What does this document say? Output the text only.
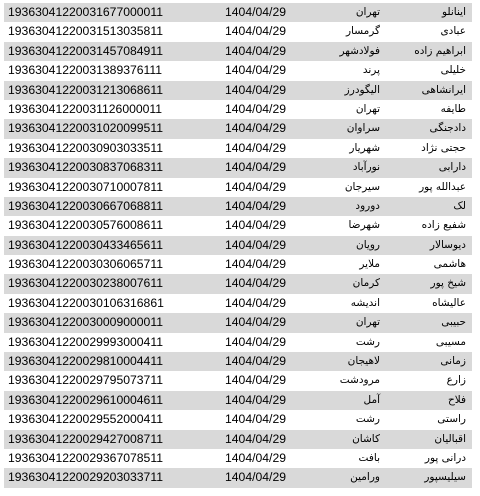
19363041220031677000011	1404/04/29	تهران	اینانلو
19363041220031513035811	1404/04/29	گرمسار	عبادی
19363041220031457084911	1404/04/29	فولادشهر	ابراهیم زاده
19363041220031389376111	1404/04/29	پرند	خلیلی
19363041220031213068611	1404/04/29	الیگودرز	ایرانشاهی
19363041220031126000011	1404/04/29	تهران	طایفه
19363041220031020099511	1404/04/29	سراوان	دادجنگی
19363041220030903033511	1404/04/29	شهریار	حجتی نژاد
19363041220030837068311	1404/04/29	نورآباد	دارابی
19363041220030710007811	1404/04/29	سیرجان	عبدالله پور
19363041220030667068811	1404/04/29	دورود	لک
19363041220030576008611	1404/04/29	شهرضا	شفیع زاده
19363041220030433465611	1404/04/29	رویان	دیوسالار
19363041220030306065711	1404/04/29	ملایر	هاشمی
19363041220030238007611	1404/04/29	کرمان	شیخ پور
19363041220030106316861	1404/04/29	اندیشه	عالیشاه
19363041220030009000011	1404/04/29	تهران	حبیبی
19363041220029993000411	1404/04/29	رشت	مسیبی
19363041220029810004411	1404/04/29	لاهیجان	زمانی
19363041220029795073711	1404/04/29	مرودشت	زارع
19363041220029610004611	1404/04/29	آمل	فلاح
19363041220029552000411	1404/04/29	رشت	راستی
19363041220029427008711	1404/04/29	کاشان	اقبالیان
19363041220029367078511	1404/04/29	بافت	درانی پور
19363041220029203033711	1404/04/29	ورامین	سیلیسپور
